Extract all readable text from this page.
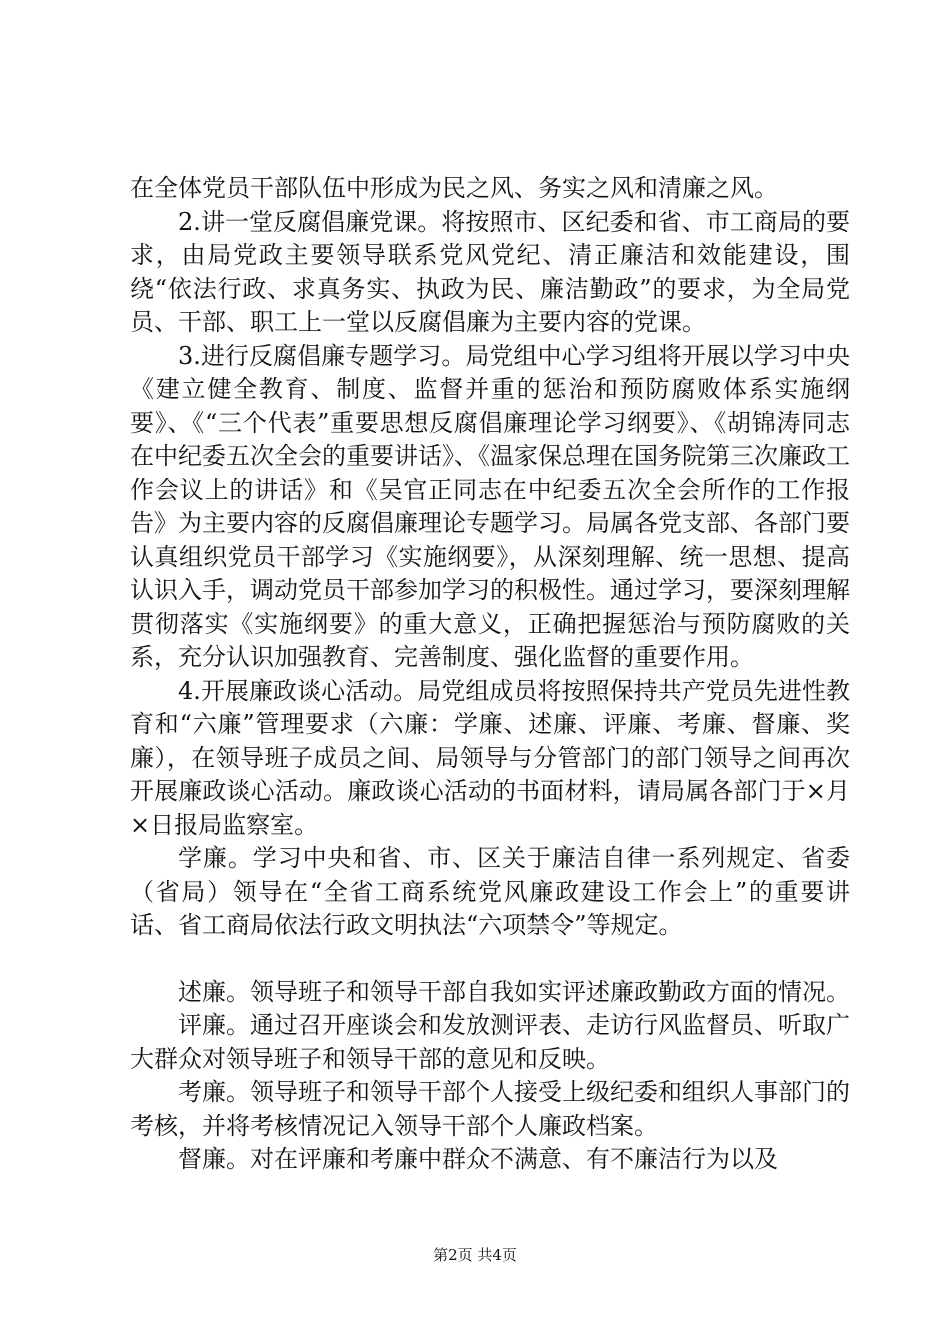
在全体党员干部队伍中形成为民之风、务实之风和清廉之风。

2.讲一堂反腐倡廉党课。将按照市、区纪委和省、市工商局的要求，由局党政主要领导联系党风党纪、清正廉洁和效能建设，围绕“依法行政、求真务实、执政为民、廉洁勤政”的要求，为全局党员、干部、职工上一堂以反腐倡廉为主要内容的党课。

3.进行反腐倡廉专题学习。局党组中心学习组将开展以学习中央《建立健全教育、制度、监督并重的惩治和预防腐败体系实施纲要》、《“三个代表”重要思想反腐倡廉理论学习纲要》、《胡锦涛同志在中纪委五次全会的重要讲话》、《温家保总理在国务院第三次廉政工作会议上的讲话》和《吴官正同志在中纪委五次全会所作的工作报告》为主要内容的反腐倡廉理论专题学习。局属各党支部、各部门要认真组织党员干部学习《实施纲要》，从深刻理解、统一思想、提高认识入手，调动党员干部参加学习的积极性。通过学习，要深刻理解贯彻落实《实施纲要》的重大意义，正确把握惩治与预防腐败的关系，充分认识加强教育、完善制度、强化监督的重要作用。

4.开展廉政谈心活动。局党组成员将按照保持共产党员先进性教育和“六廉”管理要求（六廉：学廉、述廉、评廉、考廉、督廉、奖廉），在领导班子成员之间、局领导与分管部门的部门领导之间再次开展廉政谈心活动。廉政谈心活动的书面材料，请局属各部门于×月×日报局监察室。

学廉。学习中央和省、市、区关于廉洁自律一系列规定、省委（省局）领导在“全省工商系统党风廉政建设工作会上”的重要讲话、省工商局依法行政文明执法“六项禁令”等规定。

述廉。领导班子和领导干部自我如实评述廉政勤政方面的情况。

评廉。通过召开座谈会和发放测评表、走访行风监督员、听取广大群众对领导班子和领导干部的意见和反映。

考廉。领导班子和领导干部个人接受上级纪委和组织人事部门的考核，并将考核情况记入领导干部个人廉政档案。

督廉。对在评廉和考廉中群众不满意、有不廉洁行为以及

第2页 共4页
